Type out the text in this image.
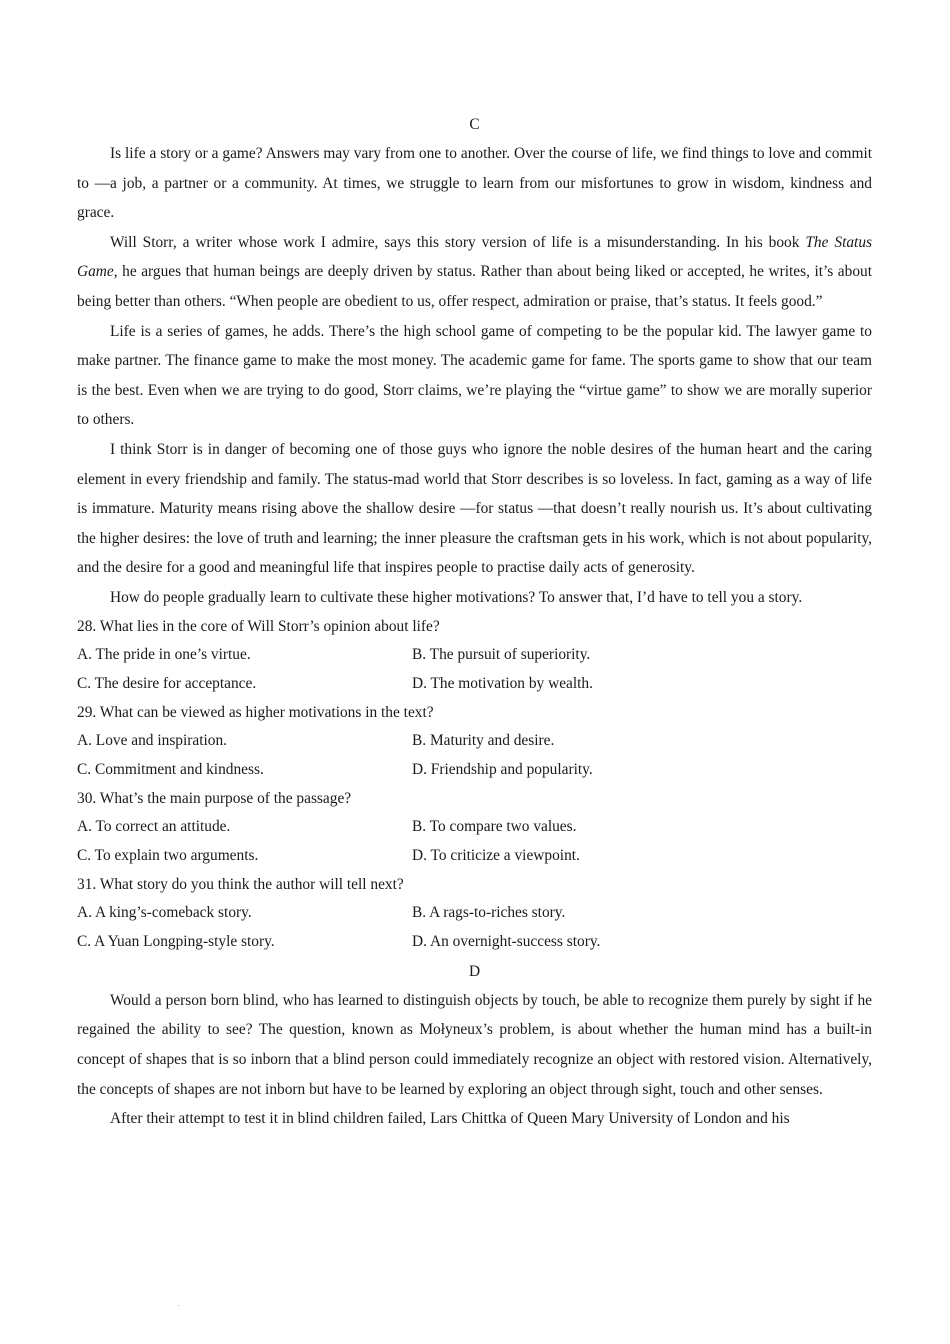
C

Is life a story or a game? Answers may vary from one to another. Over the course of life, we find things to love and commit to —a job, a partner or a community. At times, we struggle to learn from our misfortunes to grow in wisdom, kindness and grace.

Will Storr, a writer whose work I admire, says this story version of life is a misunderstanding. In his book The Status Game, he argues that human beings are deeply driven by status. Rather than about being liked or accepted, he writes, it’s about being better than others. “When people are obedient to us, offer respect, admiration or praise, that’s status. It feels good.”

Life is a series of games, he adds. There’s the high school game of competing to be the popular kid. The lawyer game to make partner. The finance game to make the most money. The academic game for fame. The sports game to show that our team is the best. Even when we are trying to do good, Storr claims, we’re playing the “virtue game” to show we are morally superior to others.

I think Storr is in danger of becoming one of those guys who ignore the noble desires of the human heart and the caring element in every friendship and family. The status-mad world that Storr describes is so loveless. In fact, gaming as a way of life is immature. Maturity means rising above the shallow desire —for status —that doesn’t really nourish us. It’s about cultivating the higher desires: the love of truth and learning; the inner pleasure the craftsman gets in his work, which is not about popularity, and the desire for a good and meaningful life that inspires people to practise daily acts of generosity.

How do people gradually learn to cultivate these higher motivations? To answer that, I’d have to tell you a story.

28. What lies in the core of Will Storr’s opinion about life?
A. The pride in one’s virtue.	B. The pursuit of superiority.
C. The desire for acceptance.	D. The motivation by wealth.
29. What can be viewed as higher motivations in the text?
A. Love and inspiration.	B. Maturity and desire.
C. Commitment and kindness.	D. Friendship and popularity.
30. What’s the main purpose of the passage?
A. To correct an attitude.	B. To compare two values.
C. To explain two arguments.	D. To criticize a viewpoint.
31. What story do you think the author will tell next?
A. A king’s-comeback story.	B. A rags-to-riches story.
C. A Yuan Longping-style story.	D. An overnight-success story.
D

Would a person born blind, who has learned to distinguish objects by touch, be able to recognize them purely by sight if he regained the ability to see? The question, known as Mołyneux’s problem, is about whether the human mind has a built-in concept of shapes that is so inborn that a blind person could immediately recognize an object with restored vision. Alternatively, the concepts of shapes are not inborn but have to be learned by exploring an object through sight, touch and other senses.

After their attempt to test it in blind children failed, Lars Chittka of Queen Mary University of London and his
